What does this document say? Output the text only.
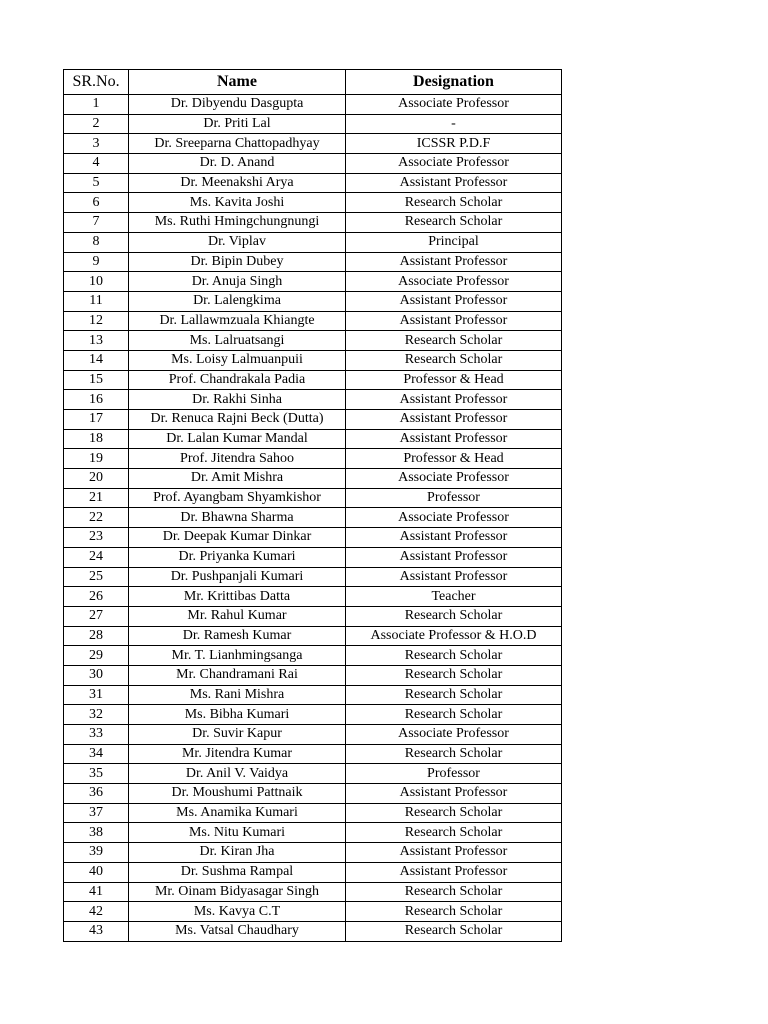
SR.No.	Name	Designation
1	Dr. Dibyendu Dasgupta	Associate Professor
2	Dr. Priti Lal	-
3	Dr. Sreeparna Chattopadhyay	ICSSR P.D.F
4	Dr. D. Anand	Associate Professor
5	Dr. Meenakshi Arya	Assistant Professor
6	Ms. Kavita Joshi	Research Scholar
7	Ms. Ruthi Hmingchungnungi	Research Scholar
8	Dr. Viplav	Principal
9	Dr. Bipin Dubey	Assistant Professor
10	Dr. Anuja Singh	Associate Professor
11	Dr. Lalengkima	Assistant Professor
12	Dr. Lallawmzuala Khiangte	Assistant Professor
13	Ms. Lalruatsangi	Research Scholar
14	Ms. Loisy Lalmuanpuii	Research Scholar
15	Prof. Chandrakala Padia	Professor & Head
16	Dr. Rakhi Sinha	Assistant Professor
17	Dr. Renuca Rajni Beck (Dutta)	Assistant Professor
18	Dr. Lalan Kumar Mandal	Assistant Professor
19	Prof. Jitendra Sahoo	Professor & Head
20	Dr. Amit Mishra	Associate Professor
21	Prof. Ayangbam Shyamkishor	Professor
22	Dr. Bhawna Sharma	Associate Professor
23	Dr. Deepak Kumar Dinkar	Assistant Professor
24	Dr. Priyanka Kumari	Assistant Professor
25	Dr. Pushpanjali Kumari	Assistant Professor
26	Mr. Krittibas Datta	Teacher
27	Mr. Rahul Kumar	Research Scholar
28	Dr. Ramesh Kumar	Associate Professor & H.O.D
29	Mr. T. Lianhmingsanga	Research Scholar
30	Mr. Chandramani Rai	Research Scholar
31	Ms. Rani Mishra	Research Scholar
32	Ms. Bibha Kumari	Research Scholar
33	Dr. Suvir Kapur	Associate Professor
34	Mr. Jitendra Kumar	Research Scholar
35	Dr. Anil V. Vaidya	Professor
36	Dr. Moushumi Pattnaik	Assistant Professor
37	Ms. Anamika Kumari	Research Scholar
38	Ms. Nitu Kumari	Research Scholar
39	Dr. Kiran Jha	Assistant Professor
40	Dr. Sushma Rampal	Assistant Professor
41	Mr. Oinam Bidyasagar Singh	Research Scholar
42	Ms. Kavya C.T	Research Scholar
43	Ms. Vatsal Chaudhary	Research Scholar
